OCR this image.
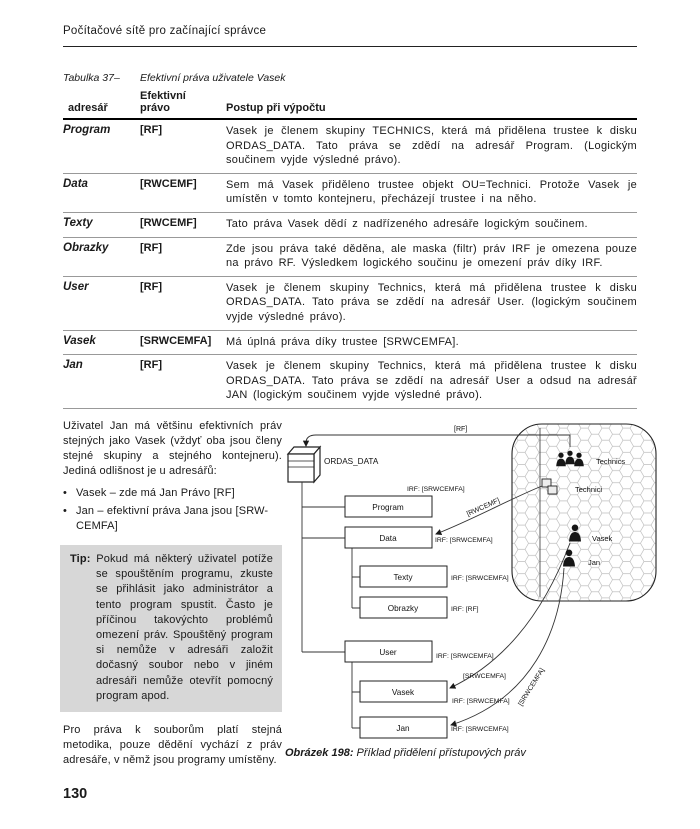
Počítačové sítě pro začínající správce
Tabulka 37– Efektivní práva uživatele Vasek
adresář	Efektivní
právo	Postup při výpočtu
Program	[RF]	Vasek je členem skupiny TECHNICS, která má přidělena trustee k disku ORDAS_DATA. Tato práva se zdědí na adresář Program. (Logickým součinem vyjde výsledné právo).
Data	[RWCEMF]	Sem má Vasek přiděleno trustee objekt OU=Technici. Protože Vasek je umístěn v tomto kontejneru, přecházejí trustee i na něho.
Texty	[RWCEMF]	Tato práva Vasek dědí z nadřízeného adresáře logickým součinem.
Obrazky	[RF]	Zde jsou práva také děděna, ale maska (filtr) práv IRF je omezena pouze na právo RF. Výsledkem logického součinu je omezení práv díky IRF.
User	[RF]	Vasek je členem skupiny Technics, která má přidělena trustee k disku ORDAS_DATA. Tato práva se zdědí na adresář User. (logickým součinem vyjde výsledné právo).
Vasek	[SRWCEMFA]	Má úplná práva díky trustee [SRWCEMFA].
Jan	[RF]	Vasek je členem skupiny Technics, která má přidělena trustee k disku ORDAS_DATA. Tato práva se zdědí na adresář User a odsud na adresář JAN (logickým součinem vyjde výsledné právo).

Uživatel Jan má většinu efektivních práv stejných jako Vasek (vždyť oba jsou členy stejné skupiny a stejného kontejneru). Jediná odlišnost je u adresářů:

• Vasek – zde má Jan Právo [RF]
• Jan – efektivní práva Jana jsou [SRW-CEMFA]
Tip: Pokud má některý uživatel potíže se spouštěním programu, zkuste se přihlásit jako administrátor a tento program spustit. Často je příčinou takovýchto problémů omezení práv. Spouštěný program si nemůže v adresáři založit dočasný soubor nebo v jiném adresáři nemůže otevřít pomocný program apod.

Pro práva k souborům platí stejná metodika, pouze dědění vychází z práv adresáře, v němž jsou programy umístěny.

ORDAS_DATA
Program
Data
Texty
Obrazky
User
Vasek
Jan
IRF: [SRWCEMFA]
IRF: [SRWCEMFA]
IRF: [SRWCEMFA]
IRF: [RF]
IRF: [SRWCEMFA]
IRF: [SRWCEMFA]
IRF: [SRWCEMFA]
[RF]
[RWCEMF]
[SRWCEMFA] [SRWCEMFA]
Technics
Technici
Vasek
Jan
Obrázek 198: Příklad přidělení přístupových práv
130
